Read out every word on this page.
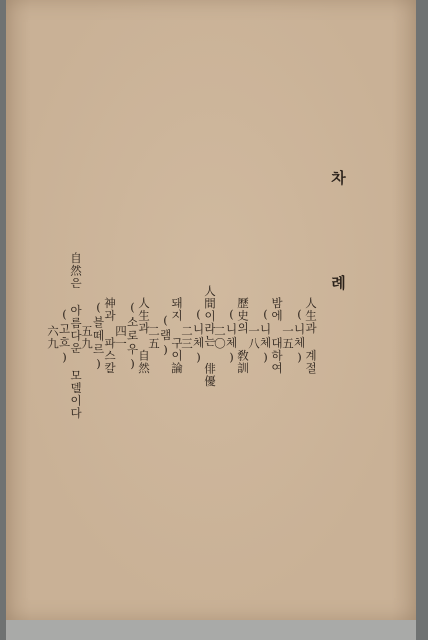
차 례
人生과 계절
(니체)
一五
밤에 대하여
(니체)
一八
歷史의 敎訓
(니체)
二〇
人間이라는 俳優
(니체)
二三
돼지 구이論
(램)
二五
人生과 自然
(소로우)
四一
神과 파스칼
(블떼르)
五九
自然은 아름다운 모델이다
(고흐)
六九
